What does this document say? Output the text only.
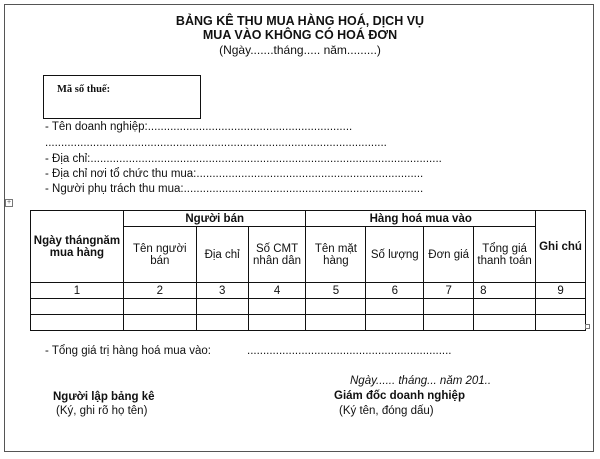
BẢNG KÊ THU MUA HÀNG HOÁ, DỊCH VỤ
MUA VÀO KHÔNG CÓ HOÁ ĐƠN
(Ngày.......tháng..... năm.........)
Mã số thuế:
- Tên doanh nghiệp:................................................................
...........................................................................................................
- Địa chỉ:..............................................................................................................
- Địa chỉ nơi tổ chức thu mua:.......................................................................
- Người phụ trách thu mua:...........................................................................
+
Ngày thángnăm mua hàng	Người bán			Hàng hoá mua vào				Ghi chú
	Tên người bán	Địa chỉ	Số CMT nhân dân	Tên mặt hàng	Số lượng	Đơn giá	Tổng giá thanh toán	
1	2	3	4	5	6	7	8	9

- Tổng giá trị hàng hoá mua vào:	................................................................
Ngày...... tháng... năm 201..
Người lập bảng kê
(Ký, ghi rõ họ tên)
Giám đốc doanh nghiệp
(Ký tên, đóng dấu)
